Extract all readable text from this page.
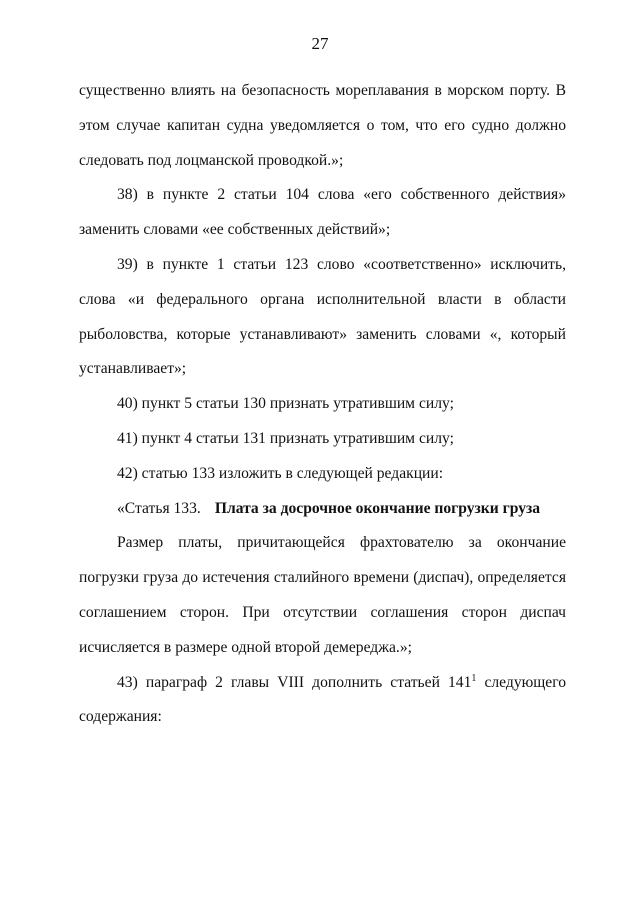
27

существенно влиять на безопасность мореплавания в морском порту. В этом случае капитан судна уведомляется о том, что его судно должно следовать под лоцманской проводкой.»;

38) в пункте 2 статьи 104 слова «его собственного действия» заменить словами «ее собственных действий»;

39) в пункте 1 статьи 123 слово «соответственно» исключить, слова «и федерального органа исполнительной власти в области рыболовства, которые устанавливают» заменить словами «, который устанавливает»;

40) пункт 5 статьи 130 признать утратившим силу;

41) пункт 4 статьи 131 признать утратившим силу;

42) статью 133 изложить в следующей редакции:

«Статья 133. Плата за досрочное окончание погрузки груза

Размер платы, причитающейся фрахтователю за окончание погрузки груза до истечения сталийного времени (диспач), определяется соглашением сторон. При отсутствии соглашения сторон диспач исчисляется в размере одной второй демереджа.»;

43) параграф 2 главы VIII дополнить статьей $141^1$ следующего содержания:
